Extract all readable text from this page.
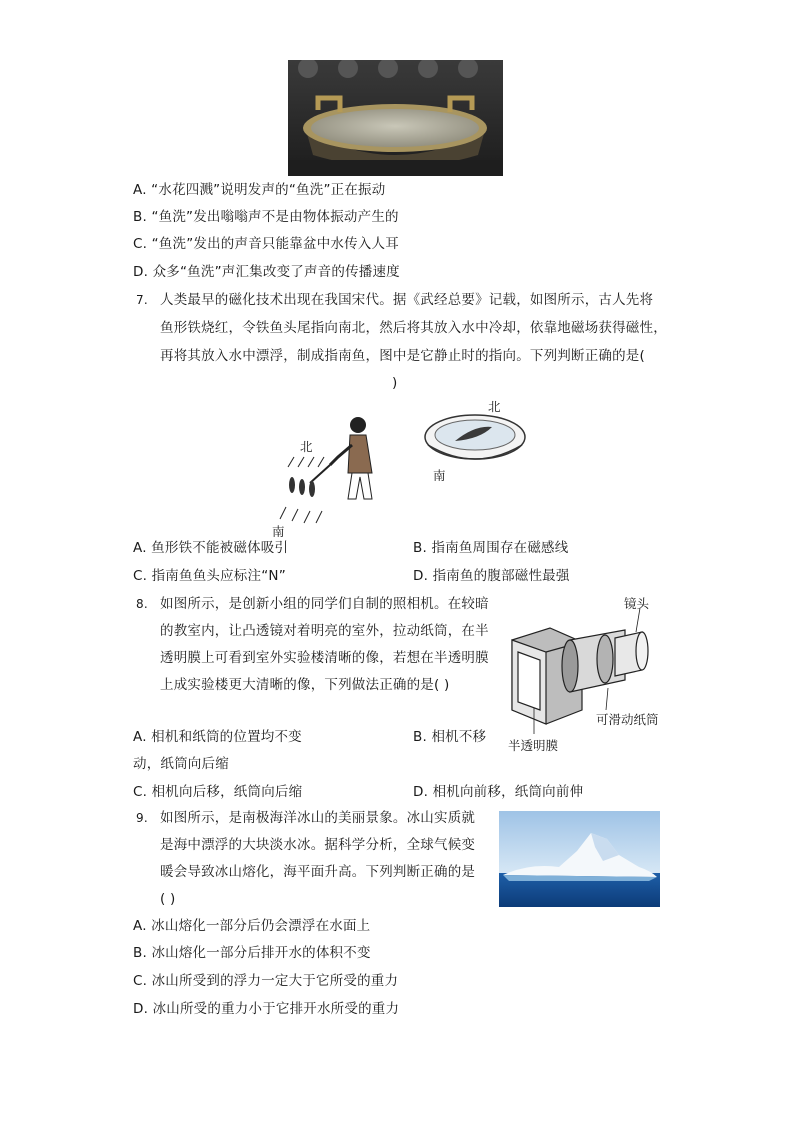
A. “水花四溅”说明发声的“鱼洗”正在振动
B. “鱼洗”发出嗡嗡声不是由物体振动产生的
C. “鱼洗”发出的声音只能靠盆中水传入人耳
D. 众多“鱼洗”声汇集改变了声音的传播速度
7. 人类最早的磁化技术出现在我国宋代。据《武经总要》记载，如图所示，古人先将
鱼形铁烧红，令铁鱼头尾指向南北，然后将其放入水中冷却，依靠地磁场获得磁性，
再将其放入水中漂浮，制成指南鱼，图中是它静止时的指向。下列判断正确的是(
)
北
南
北
南
A. 鱼形铁不能被磁体吸引	B. 指南鱼周围存在磁感线
C. 指南鱼鱼头应标注“N”	D. 指南鱼的腹部磁性最强
8. 如图所示，是创新小组的同学们自制的照相机。在较暗
的教室内，让凸透镜对着明亮的室外，拉动纸筒，在半
透明膜上可看到室外实验楼清晰的像，若想在半透明膜
上成实验楼更大清晰的像，下列做法正确的是( )
镜头
可滑动纸筒
半透明膜
A. 相机和纸筒的位置均不变	B. 相机不移
动，纸筒向后缩
C. 相机向后移，纸筒向后缩	D. 相机向前移，纸筒向前伸
9. 如图所示，是南极海洋冰山的美丽景象。冰山实质就
是海中漂浮的大块淡水冰。据科学分析，全球气候变
暖会导致冰山熔化，海平面升高。下列判断正确的是
( )
A. 冰山熔化一部分后仍会漂浮在水面上
B. 冰山熔化一部分后排开水的体积不变
C. 冰山所受到的浮力一定大于它所受的重力
D. 冰山所受的重力小于它排开水所受的重力
